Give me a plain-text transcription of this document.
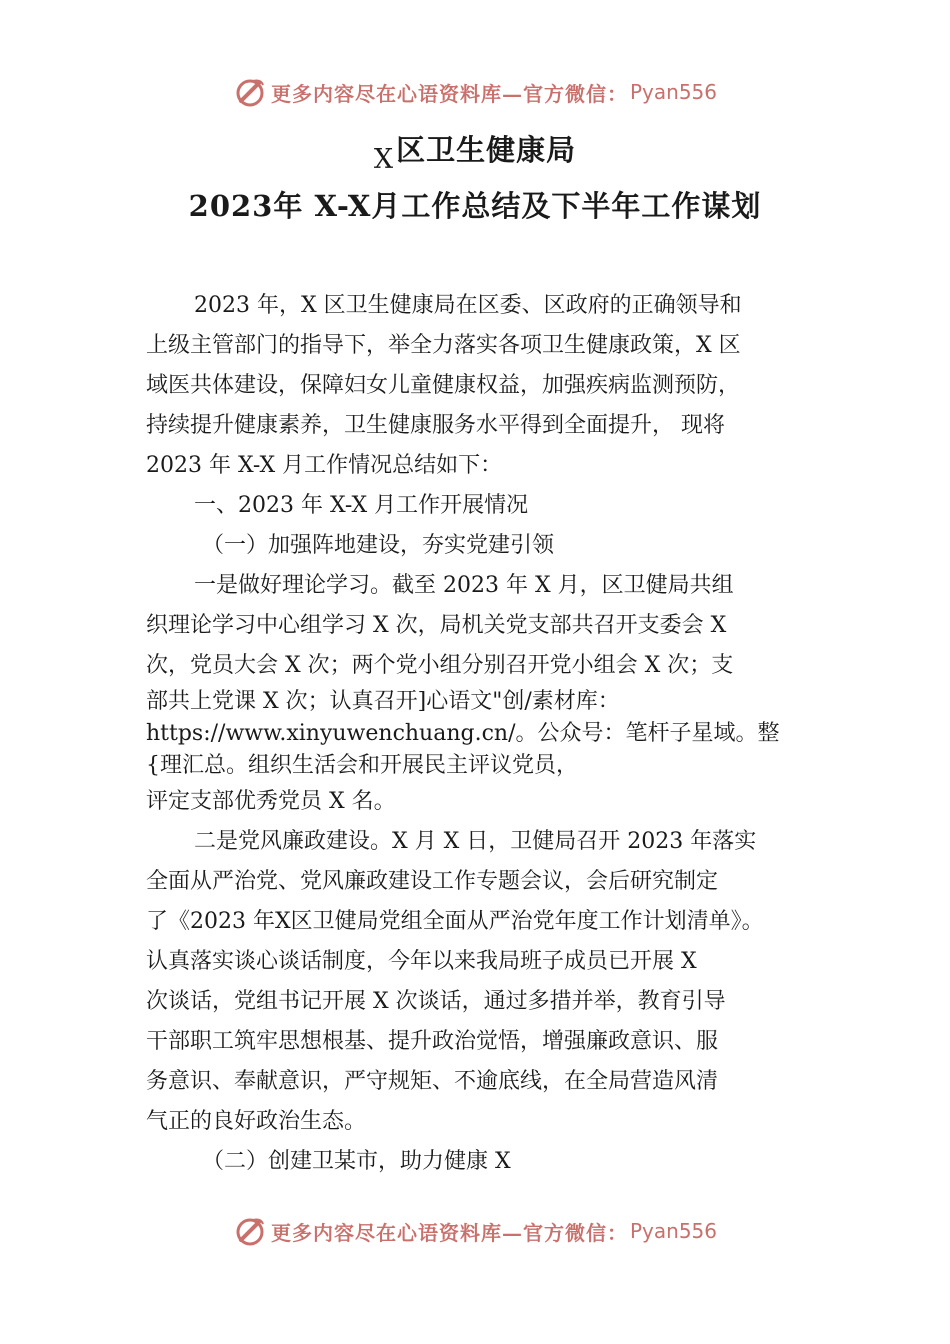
更多内容尽在心语资料库—官方微信： Pyan556
X区卫生健康局
2023年 X-X月工作总结及下半年工作谋划
2023 年，X 区卫生健康局在区委、区政府的正确领导和
上级主管部门的指导下，举全力落实各项卫生健康政策，X 区
域医共体建设，保障妇女儿童健康权益，加强疾病监测预防，
持续提升健康素养，卫生健康服务水平得到全面提升， 现将
2023 年 X-X 月工作情况总结如下：
一、2023 年 X-X 月工作开展情况
（一）加强阵地建设，夯实党建引领
一是做好理论学习。截至 2023 年 X 月，区卫健局共组
织理论学习中心组学习 X 次，局机关党支部共召开支委会 X
次，党员大会 X 次；两个党小组分别召开党小组会 X 次；支
部共上党课 X 次；认真召开]心语文"创/素材库：
https://www.xinyuwenchuang.cn/。公众号：笔杆子星域。整
{理汇总。组织生活会和开展民主评议党员，
评定支部优秀党员 X 名。
二是党风廉政建设。X 月 X 日，卫健局召开 2023 年落实
全面从严治党、党风廉政建设工作专题会议，会后研究制定
了《2023 年X区卫健局党组全面从严治党年度工作计划清单》。
认真落实谈心谈话制度，今年以来我局班子成员已开展 X
次谈话，党组书记开展 X 次谈话，通过多措并举，教育引导
干部职工筑牢思想根基、提升政治觉悟，增强廉政意识、服
务意识、奉献意识，严守规矩、不逾底线，在全局营造风清
气正的良好政治生态。
（二）创建卫某市，助力健康 X
更多内容尽在心语资料库—官方微信： Pyan556
